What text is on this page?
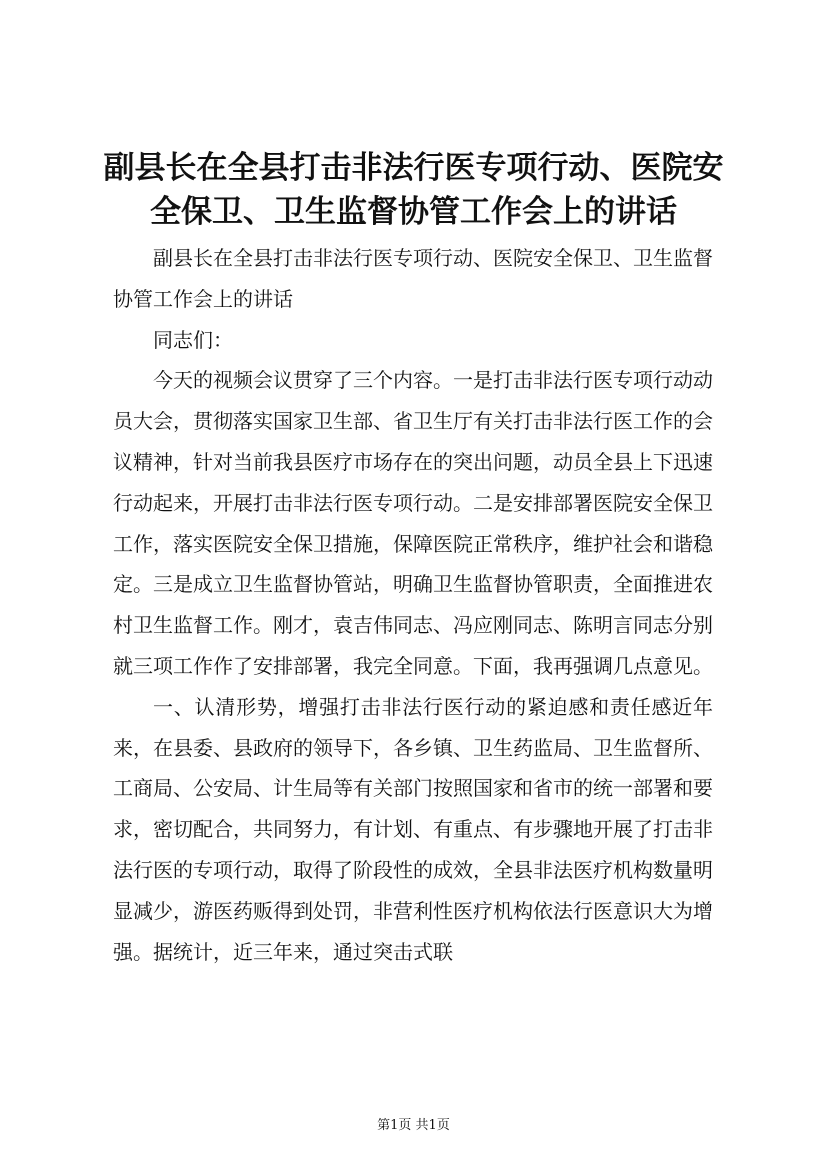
副县长在全县打击非法行医专项行动、医院安全保卫、卫生监督协管工作会上的讲话

副县长在全县打击非法行医专项行动、医院安全保卫、卫生监督协管工作会上的讲话

同志们：

今天的视频会议贯穿了三个内容。一是打击非法行医专项行动动员大会，贯彻落实国家卫生部、省卫生厅有关打击非法行医工作的会议精神，针对当前我县医疗市场存在的突出问题，动员全县上下迅速行动起来，开展打击非法行医专项行动。二是安排部署医院安全保卫工作，落实医院安全保卫措施，保障医院正常秩序，维护社会和谐稳定。三是成立卫生监督协管站，明确卫生监督协管职责，全面推进农村卫生监督工作。刚才，袁吉伟同志、冯应刚同志、陈明言同志分别就三项工作作了安排部署，我完全同意。下面，我再强调几点意见。

一、认清形势，增强打击非法行医行动的紧迫感和责任感近年来，在县委、县政府的领导下，各乡镇、卫生药监局、卫生监督所、工商局、公安局、计生局等有关部门按照国家和省市的统一部署和要求，密切配合，共同努力，有计划、有重点、有步骤地开展了打击非法行医的专项行动，取得了阶段性的成效，全县非法医疗机构数量明显减少，游医药贩得到处罚，非营利性医疗机构依法行医意识大为增强。据统计，近三年来，通过突击式联

第1页 共1页
